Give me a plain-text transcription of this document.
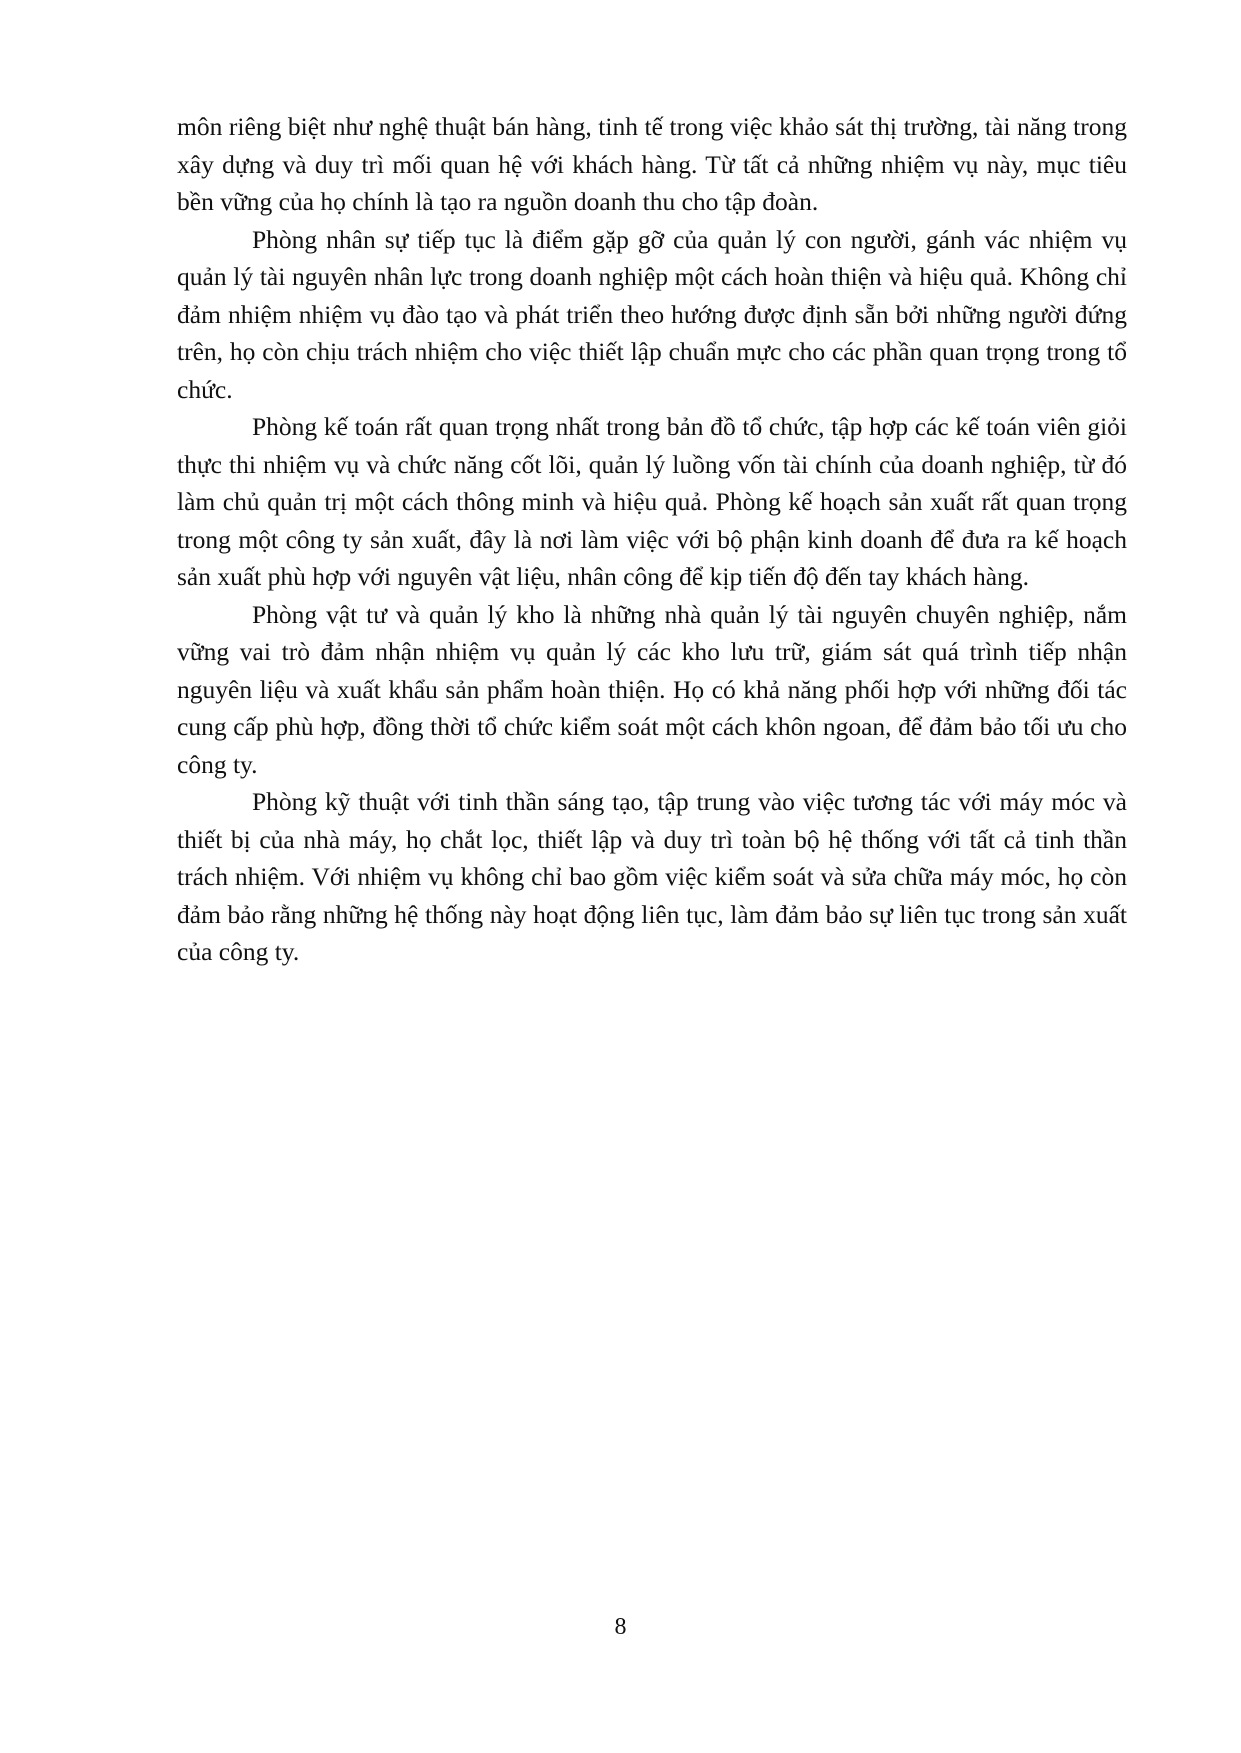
môn riêng biệt như nghệ thuật bán hàng, tinh tế trong việc khảo sát thị trường, tài năng trong xây dựng và duy trì mối quan hệ với khách hàng. Từ tất cả những nhiệm vụ này, mục tiêu bền vững của họ chính là tạo ra nguồn doanh thu cho tập đoàn.

Phòng nhân sự tiếp tục là điểm gặp gỡ của quản lý con người, gánh vác nhiệm vụ quản lý tài nguyên nhân lực trong doanh nghiệp một cách hoàn thiện và hiệu quả. Không chỉ đảm nhiệm nhiệm vụ đào tạo và phát triển theo hướng được định sẵn bởi những người đứng trên, họ còn chịu trách nhiệm cho việc thiết lập chuẩn mực cho các phần quan trọng trong tổ chức.

Phòng kế toán rất quan trọng nhất trong bản đồ tổ chức, tập hợp các kế toán viên giỏi thực thi nhiệm vụ và chức năng cốt lõi, quản lý luồng vốn tài chính của doanh nghiệp, từ đó làm chủ quản trị một cách thông minh và hiệu quả. Phòng kế hoạch sản xuất rất quan trọng trong một công ty sản xuất, đây là nơi làm việc với bộ phận kinh doanh để đưa ra kế hoạch sản xuất phù hợp với nguyên vật liệu, nhân công để kịp tiến độ đến tay khách hàng.

Phòng vật tư và quản lý kho là những nhà quản lý tài nguyên chuyên nghiệp, nắm vững vai trò đảm nhận nhiệm vụ quản lý các kho lưu trữ, giám sát quá trình tiếp nhận nguyên liệu và xuất khẩu sản phẩm hoàn thiện. Họ có khả năng phối hợp với những đối tác cung cấp phù hợp, đồng thời tổ chức kiểm soát một cách khôn ngoan, để đảm bảo tối ưu cho công ty.

Phòng kỹ thuật với tinh thần sáng tạo, tập trung vào việc tương tác với máy móc và thiết bị của nhà máy, họ chắt lọc, thiết lập và duy trì toàn bộ hệ thống với tất cả tinh thần trách nhiệm. Với nhiệm vụ không chỉ bao gồm việc kiểm soát và sửa chữa máy móc, họ còn đảm bảo rằng những hệ thống này hoạt động liên tục, làm đảm bảo sự liên tục trong sản xuất của công ty.

8
